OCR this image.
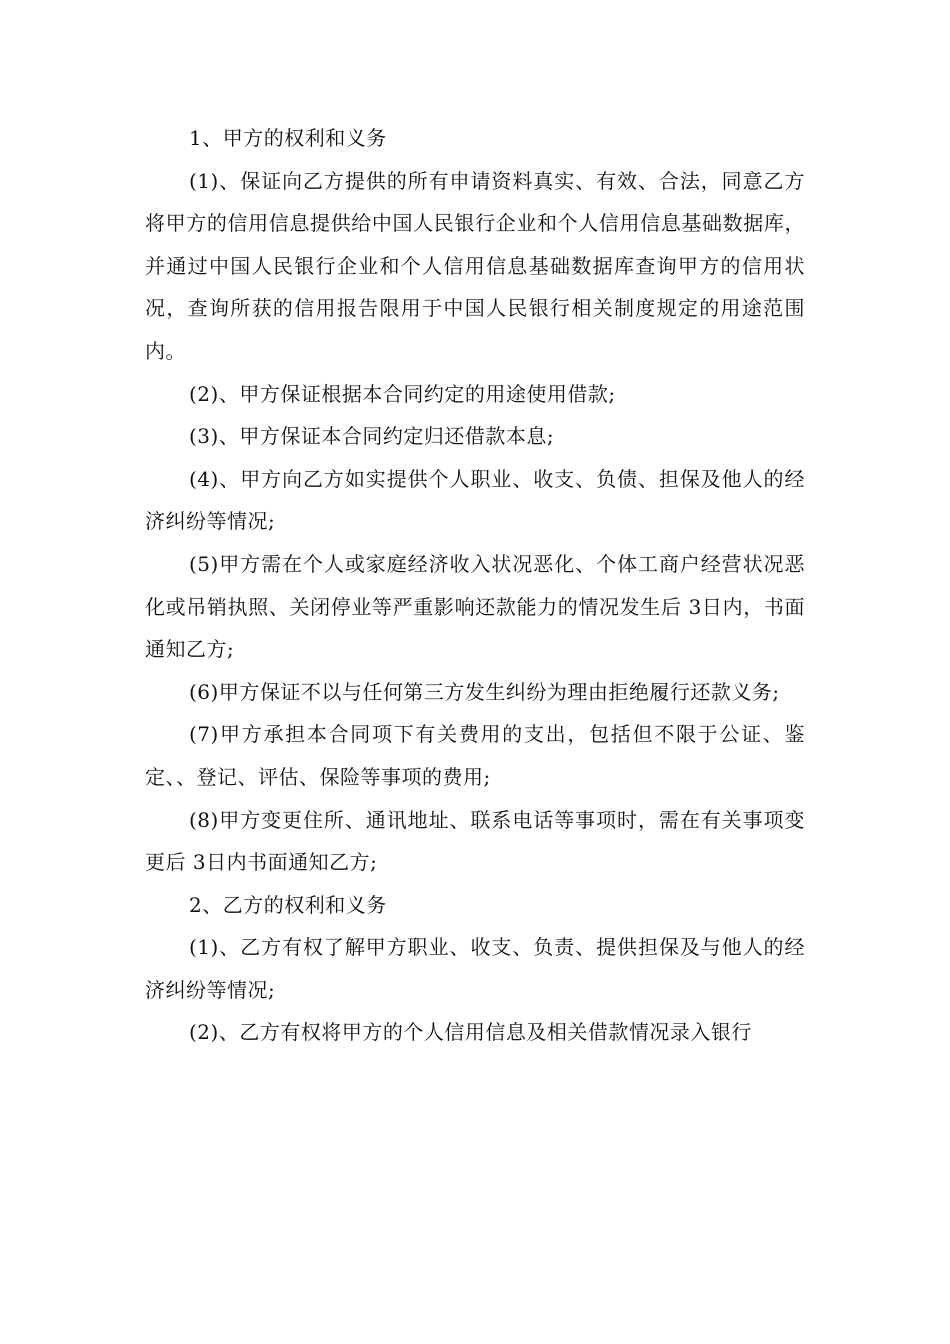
1、甲方的权利和义务

(1)、保证向乙方提供的所有申请资料真实、有效、合法，同意乙方将甲方的信用信息提供给中国人民银行企业和个人信用信息基础数据库，并通过中国人民银行企业和个人信用信息基础数据库查询甲方的信用状况，查询所获的信用报告限用于中国人民银行相关制度规定的用途范围内。

(2)、甲方保证根据本合同约定的用途使用借款;

(3)、甲方保证本合同约定归还借款本息;

(4)、甲方向乙方如实提供个人职业、收支、负债、担保及他人的经济纠纷等情况;

(5)甲方需在个人或家庭经济收入状况恶化、个体工商户经营状况恶化或吊销执照、关闭停业等严重影响还款能力的情况发生后 3日内，书面通知乙方;

(6)甲方保证不以与任何第三方发生纠纷为理由拒绝履行还款义务;

(7)甲方承担本合同项下有关费用的支出，包括但不限于公证、鉴定、、登记、评估、保险等事项的费用;

(8)甲方变更住所、通讯地址、联系电话等事项时，需在有关事项变更后 3日内书面通知乙方;

2、乙方的权利和义务

(1)、乙方有权了解甲方职业、收支、负责、提供担保及与他人的经济纠纷等情况;

(2)、乙方有权将甲方的个人信用信息及相关借款情况录入银行
